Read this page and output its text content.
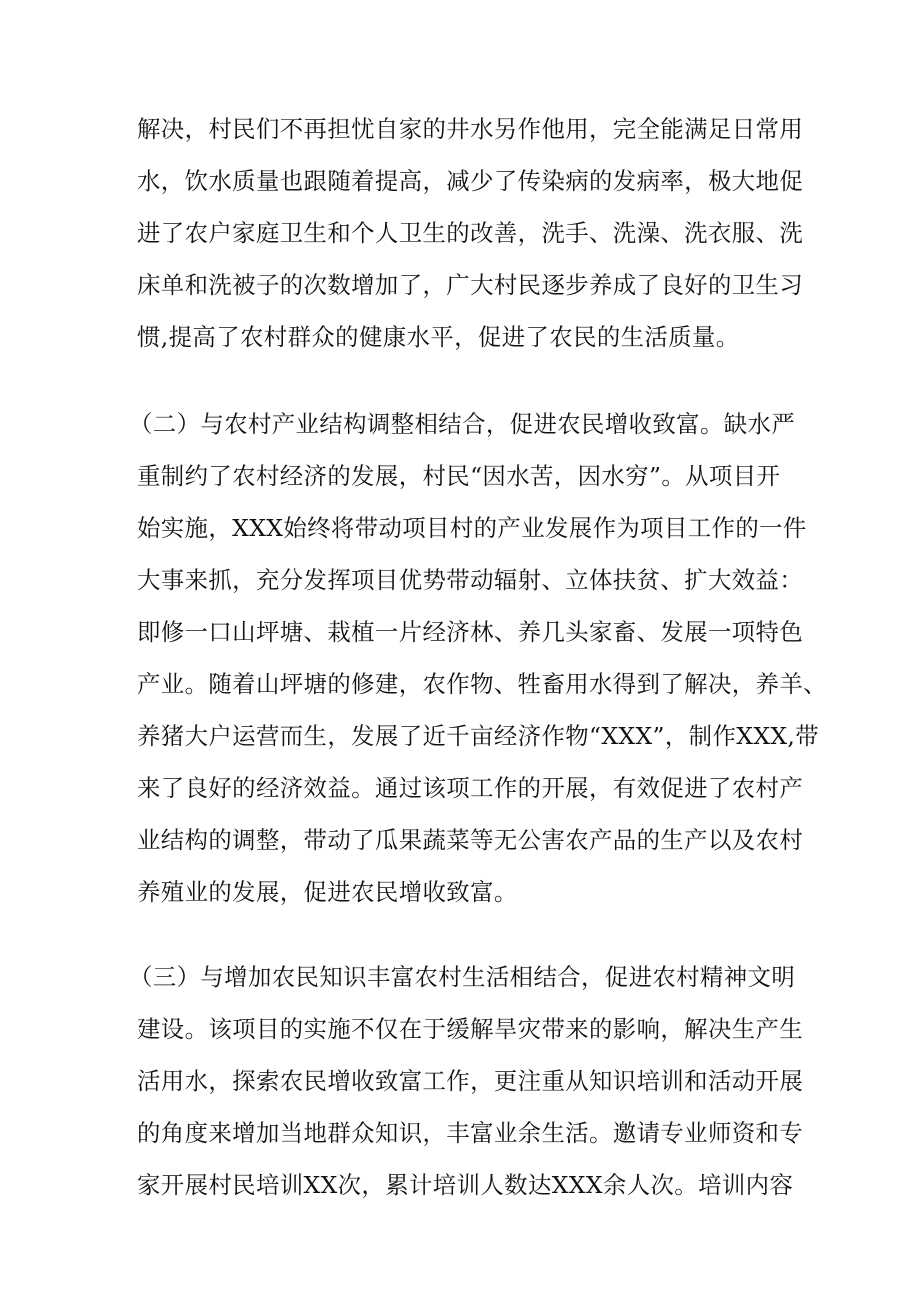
解决，村民们不再担忧自家的井水另作他用，完全能满足日常用
水，饮水质量也跟随着提高，减少了传染病的发病率，极大地促
进了农户家庭卫生和个人卫生的改善，洗手、洗澡、洗衣服、洗
床单和洗被子的次数增加了，广大村民逐步养成了良好的卫生习
惯,提高了农村群众的健康水平，促进了农民的生活质量。
（二）与农村产业结构调整相结合，促进农民增收致富。缺水严
重制约了农村经济的发展，村民“因水苦，因水穷”。从项目开
始实施，XXX始终将带动项目村的产业发展作为项目工作的一件
大事来抓，充分发挥项目优势带动辐射、立体扶贫、扩大效益：
即修一口山坪塘、栽植一片经济林、养几头家畜、发展一项特色
产业。随着山坪塘的修建，农作物、牲畜用水得到了解决，养羊、
养猪大户运营而生，发展了近千亩经济作物“XXX”，制作XXX,带
来了良好的经济效益。通过该项工作的开展，有效促进了农村产
业结构的调整，带动了瓜果蔬菜等无公害农产品的生产以及农村
养殖业的发展，促进农民增收致富。
（三）与增加农民知识丰富农村生活相结合，促进农村精神文明
建设。该项目的实施不仅在于缓解旱灾带来的影响，解决生产生
活用水，探索农民增收致富工作，更注重从知识培训和活动开展
的角度来增加当地群众知识，丰富业余生活。邀请专业师资和专
家开展村民培训XX次，累计培训人数达XXX余人次。培训内容
